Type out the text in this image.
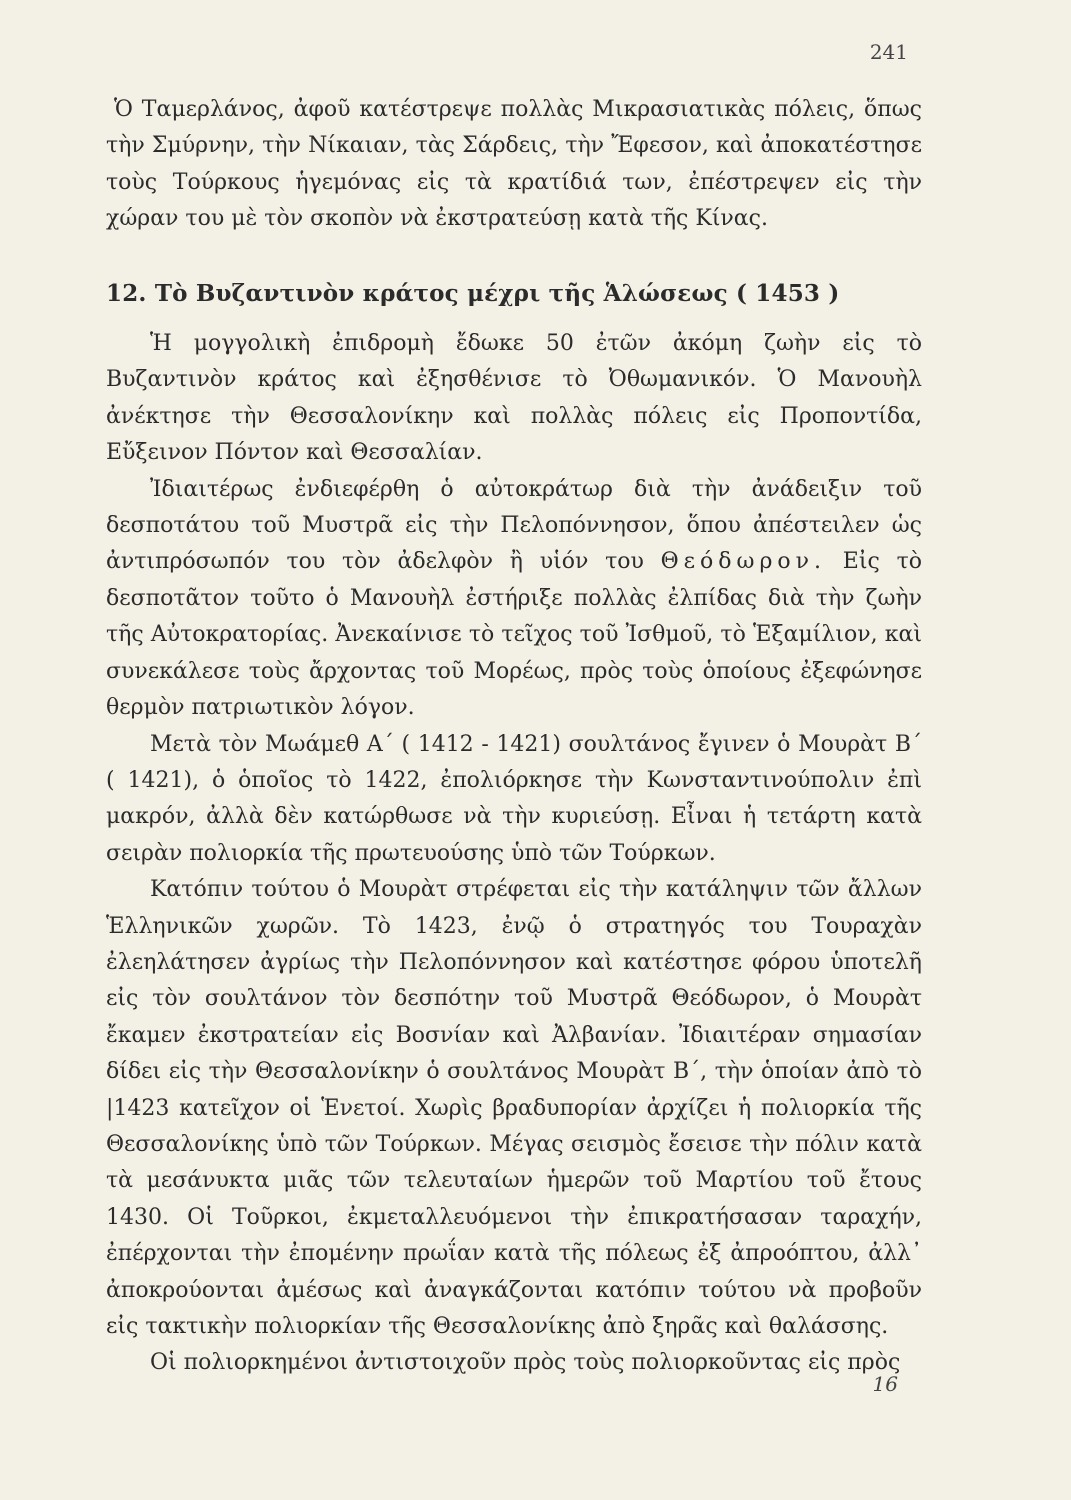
241

Ὁ Ταμερλάνος, ἀφοῦ κατέστρεψε πολλὰς Μικρασιατικὰς πόλεις, ὅπως τὴν Σμύρνην, τὴν Νίκαιαν, τὰς Σάρδεις, τὴν Ἔφεσον, καὶ ἀποκατέστησε τοὺς Τούρκους ἡγεμόνας εἰς τὰ κρατίδιά των, ἐπέστρεψεν εἰς τὴν χώραν του μὲ τὸν σκοπὸν νὰ ἐκστρατεύσῃ κατὰ τῆς Κίνας.

12. Τὸ Βυζαντινὸν κράτος μέχρι τῆς Ἁλώσεως ( 1453 )

Ἡ μογγολικὴ ἐπιδρομὴ ἔδωκε 50 ἐτῶν ἀκόμη ζωὴν εἰς τὸ Βυζαντινὸν κράτος καὶ ἐξησθένισε τὸ Ὀθωμανικόν. Ὁ Μανουὴλ ἀνέκτησε τὴν Θεσσαλονίκην καὶ πολλὰς πόλεις εἰς Προποντίδα, Εὔξεινον Πόντον καὶ Θεσσαλίαν.

Ἰδιαιτέρως ἐνδιεφέρθη ὁ αὐτοκράτωρ διὰ τὴν ἀνάδειξιν τοῦ δεσποτάτου τοῦ Μυστρᾶ εἰς τὴν Πελοπόννησον, ὅπου ἀπέστειλεν ὡς ἀντιπρόσωπόν του τὸν ἀδελφὸν ἢ υἱόν του Θεόδωρον. Εἰς τὸ δεσποτᾶτον τοῦτο ὁ Μανουὴλ ἐστήριξε πολλὰς ἐλπίδας διὰ τὴν ζωὴν τῆς Αὐτοκρατορίας. Ἀνεκαίνισε τὸ τεῖχος τοῦ Ἰσθμοῦ, τὸ Ἑξαμίλιον, καὶ συνεκάλεσε τοὺς ἄρχοντας τοῦ Μορέως, πρὸς τοὺς ὁποίους ἐξεφώνησε θερμὸν πατριωτικὸν λόγον.

Μετὰ τὸν Μωάμεθ Α΄ ( 1412 - 1421) σουλτάνος ἔγινεν ὁ Μουρὰτ Β΄ ( 1421), ὁ ὁποῖος τὸ 1422, ἐπολιόρκησε τὴν Κωνσταντινούπολιν ἐπὶ μακρόν, ἀλλὰ δὲν κατώρθωσε νὰ τὴν κυριεύσῃ. Εἶναι ἡ τετάρτη κατὰ σειρὰν πολιορκία τῆς πρωτευούσης ὑπὸ τῶν Τούρκων.

Κατόπιν τούτου ὁ Μουρὰτ στρέφεται εἰς τὴν κατάληψιν τῶν ἄλλων Ἑλληνικῶν χωρῶν. Τὸ 1423, ἐνῷ ὁ στρατηγός του Τουραχὰν ἐλεηλάτησεν ἀγρίως τὴν Πελοπόννησον καὶ κατέστησε φόρου ὑποτελῆ εἰς τὸν σουλτάνον τὸν δεσπότην τοῦ Μυστρᾶ Θεόδωρον, ὁ Μουρὰτ ἔκαμεν ἐκστρατείαν εἰς Βοσνίαν καὶ Ἀλβανίαν. Ἰδιαιτέραν σημασίαν δίδει εἰς τὴν Θεσσαλονίκην ὁ σουλτάνος Μουρὰτ Β΄, τὴν ὁποίαν ἀπὸ τὸ |1423 κατεῖχον οἱ Ἑνετοί. Χωρὶς βραδυπορίαν ἀρχίζει ἡ πολιορκία τῆς Θεσσαλονίκης ὑπὸ τῶν Τούρκων. Μέγας σεισμὸς ἔσεισε τὴν πόλιν κατὰ τὰ μεσάνυκτα μιᾶς τῶν τελευταίων ἡμερῶν τοῦ Μαρτίου τοῦ ἔτους 1430. Οἱ Τοῦρκοι, ἐκμεταλλευόμενοι τὴν ἐπικρατήσασαν ταραχήν, ἐπέρχονται τὴν ἐπομένην πρωΐαν κατὰ τῆς πόλεως ἐξ ἀπροόπτου, ἀλλ᾽ ἀποκρούονται ἀμέσως καὶ ἀναγκάζονται κατόπιν τούτου νὰ προβοῦν εἰς τακτικὴν πολιορκίαν τῆς Θεσσαλονίκης ἀπὸ ξηρᾶς καὶ θαλάσσης.

Οἱ πολιορκημένοι ἀντιστοιχοῦν πρὸς τοὺς πολιορκοῦντας εἰς πρὸς

16
